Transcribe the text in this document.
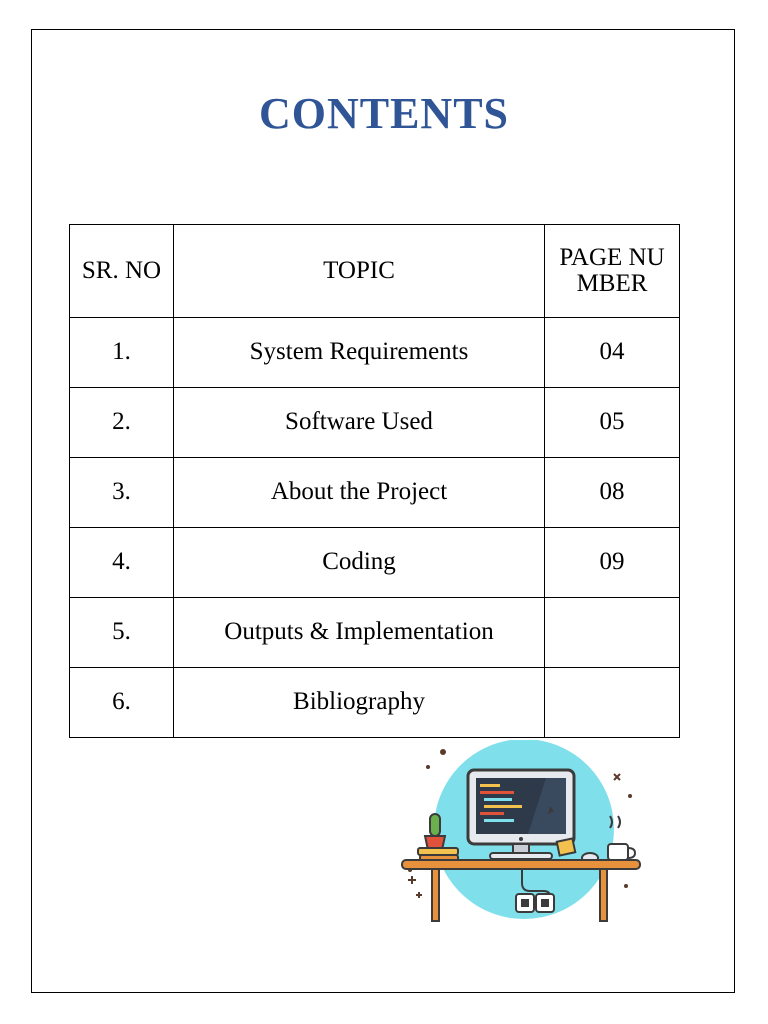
CONTENTS
SR. NO	TOPIC	PAGE NUMBER
1.	System Requirements	04
2.	Software Used	05
3.	About the Project	08
4.	Coding	09
5.	Outputs & Implementation	
6.	Bibliography	
